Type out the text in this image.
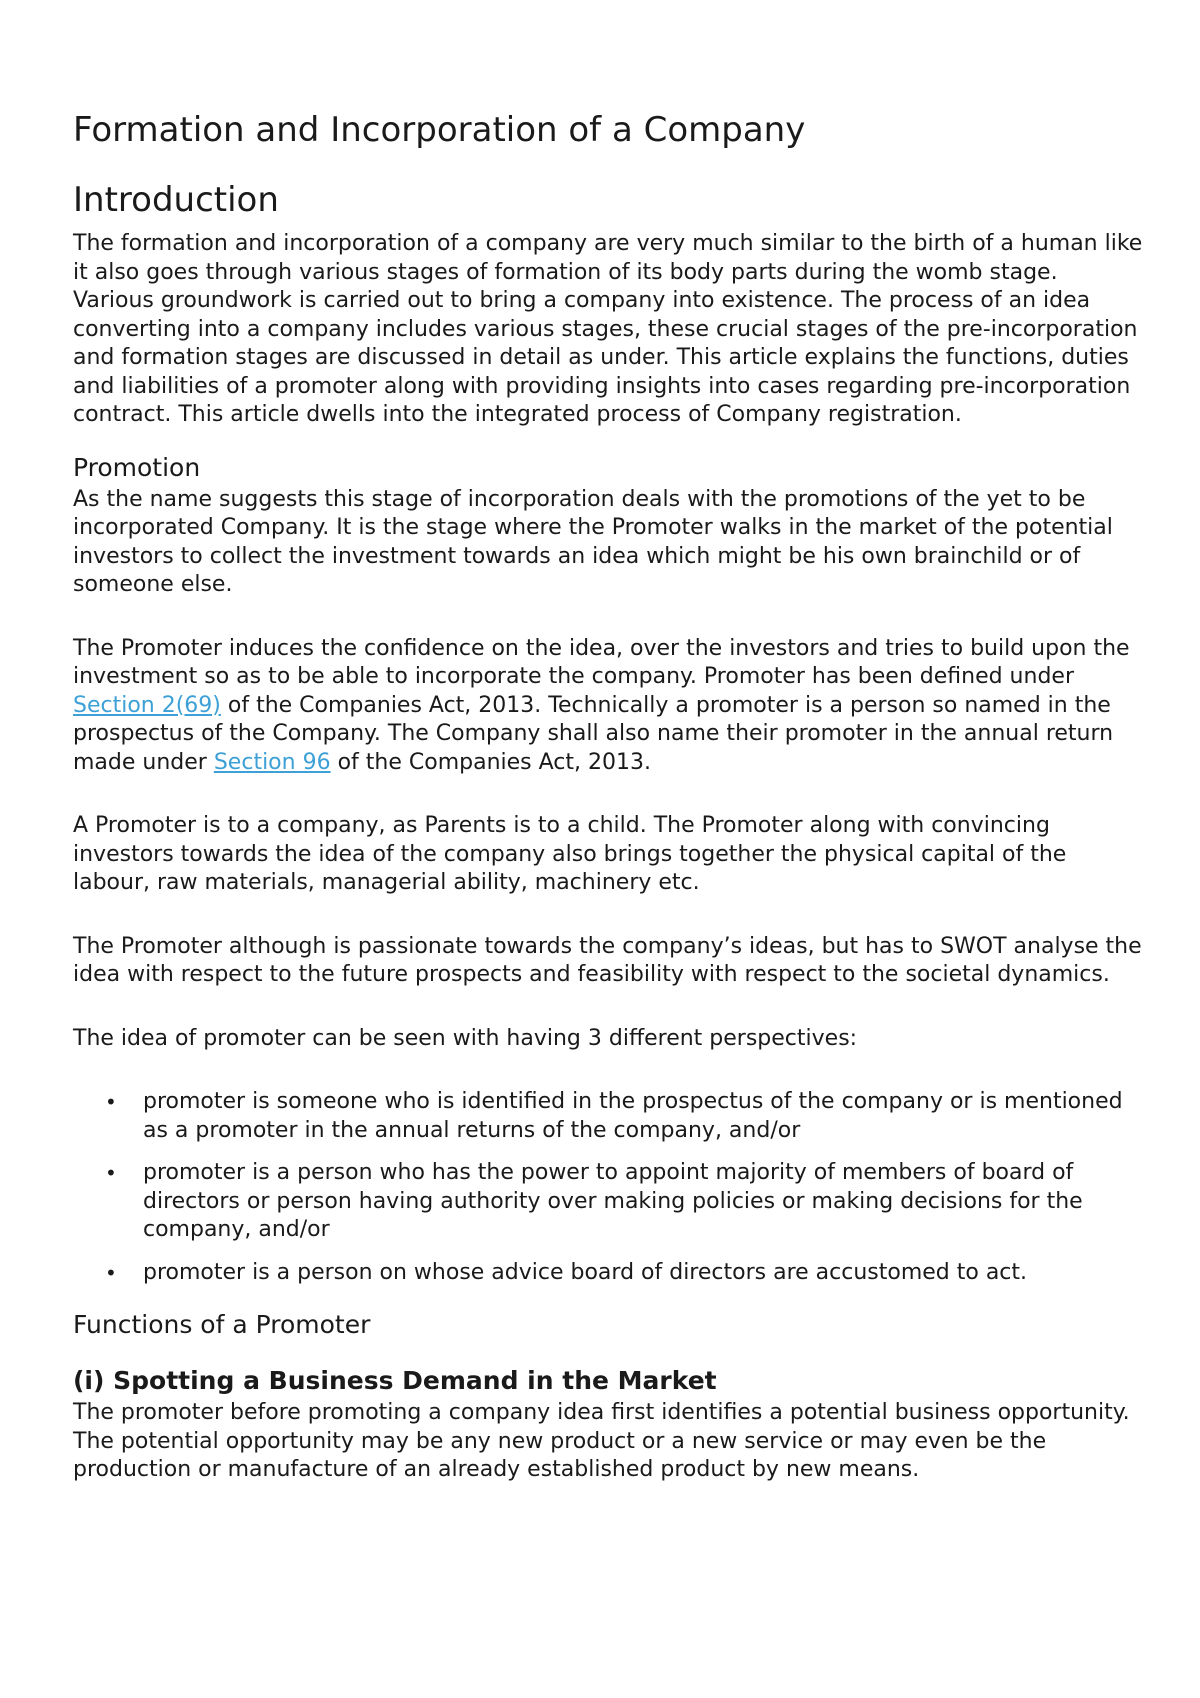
Formation and Incorporation of a Company
Introduction

The formation and incorporation of a company are very much similar to the birth of a human like it also goes through various stages of formation of its body parts during the womb stage. Various groundwork is carried out to bring a company into existence. The process of an idea converting into a company includes various stages, these crucial stages of the pre-incorporation and formation stages are discussed in detail as under. This article explains the functions, duties and liabilities of a promoter along with providing insights into cases regarding pre-incorporation contract. This article dwells into the integrated process of Company registration.

Promotion

As the name suggests this stage of incorporation deals with the promotions of the yet to be incorporated Company. It is the stage where the Promoter walks in the market of the potential investors to collect the investment towards an idea which might be his own brainchild or of someone else.

The Promoter induces the confidence on the idea, over the investors and tries to build upon the investment so as to be able to incorporate the company. Promoter has been defined under Section 2(69) of the Companies Act, 2013. Technically a promoter is a person so named in the prospectus of the Company. The Company shall also name their promoter in the annual return made under Section 96 of the Companies Act, 2013.

A Promoter is to a company, as Parents is to a child. The Promoter along with convincing investors towards the idea of the company also brings together the physical capital of the labour, raw materials, managerial ability, machinery etc.

The Promoter although is passionate towards the company’s ideas, but has to SWOT analyse the idea with respect to the future prospects and feasibility with respect to the societal dynamics.

The idea of promoter can be seen with having 3 different perspectives:

• promoter is someone who is identified in the prospectus of the company or is mentioned as a promoter in the annual returns of the company, and/or
• promoter is a person who has the power to appoint majority of members of board of directors or person having authority over making policies or making decisions for the company, and/or
• promoter is a person on whose advice board of directors are accustomed to act.
Functions of a Promoter
(i) Spotting a Business Demand in the Market

The promoter before promoting a company idea first identifies a potential business opportunity. The potential opportunity may be any new product or a new service or may even be the production or manufacture of an already established product by new means.
